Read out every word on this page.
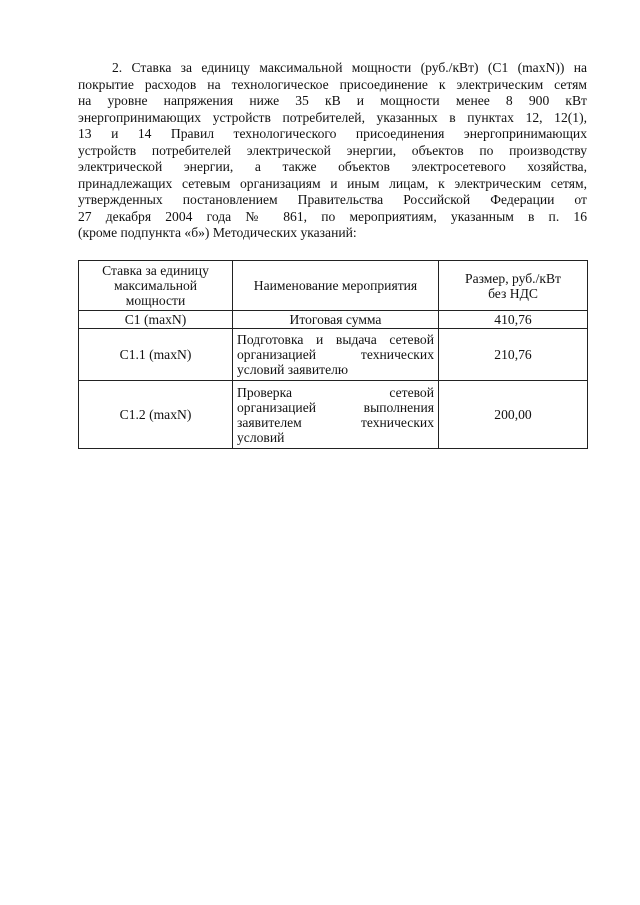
2. Ставка за единицу максимальной мощности (руб./кВт) (С1 (maxN)) на
покрытие расходов на технологическое присоединение к электрическим сетям
на уровне напряжения ниже 35 кВ и мощности менее 8 900 кВт
энергопринимающих устройств потребителей, указанных в пунктах 12, 12(1),
13 и 14 Правил технологического присоединения энергопринимающих
устройств потребителей электрической энергии, объектов по производству
электрической энергии, а также объектов электросетевого хозяйства,
принадлежащих сетевым организациям и иным лицам, к электрическим сетям,
утвержденных постановлением Правительства Российской Федерации от
27 декабря 2004 года № 861, по мероприятиям, указанным в п. 16
(кроме подпункта «б») Методических указаний:
Ставка за единицу
максимальной
мощности	Наименование мероприятия	Размер, руб./кВт
без НДС

С1 (maxN)	Итоговая сумма	410,76
С1.1 (maxN)	Подготовка и выдача сетевой
организацией технических
условий заявителю	210,76
С1.2 (maxN)	Проверка сетевой
организацией выполнения
заявителем технических
условий	200,00
